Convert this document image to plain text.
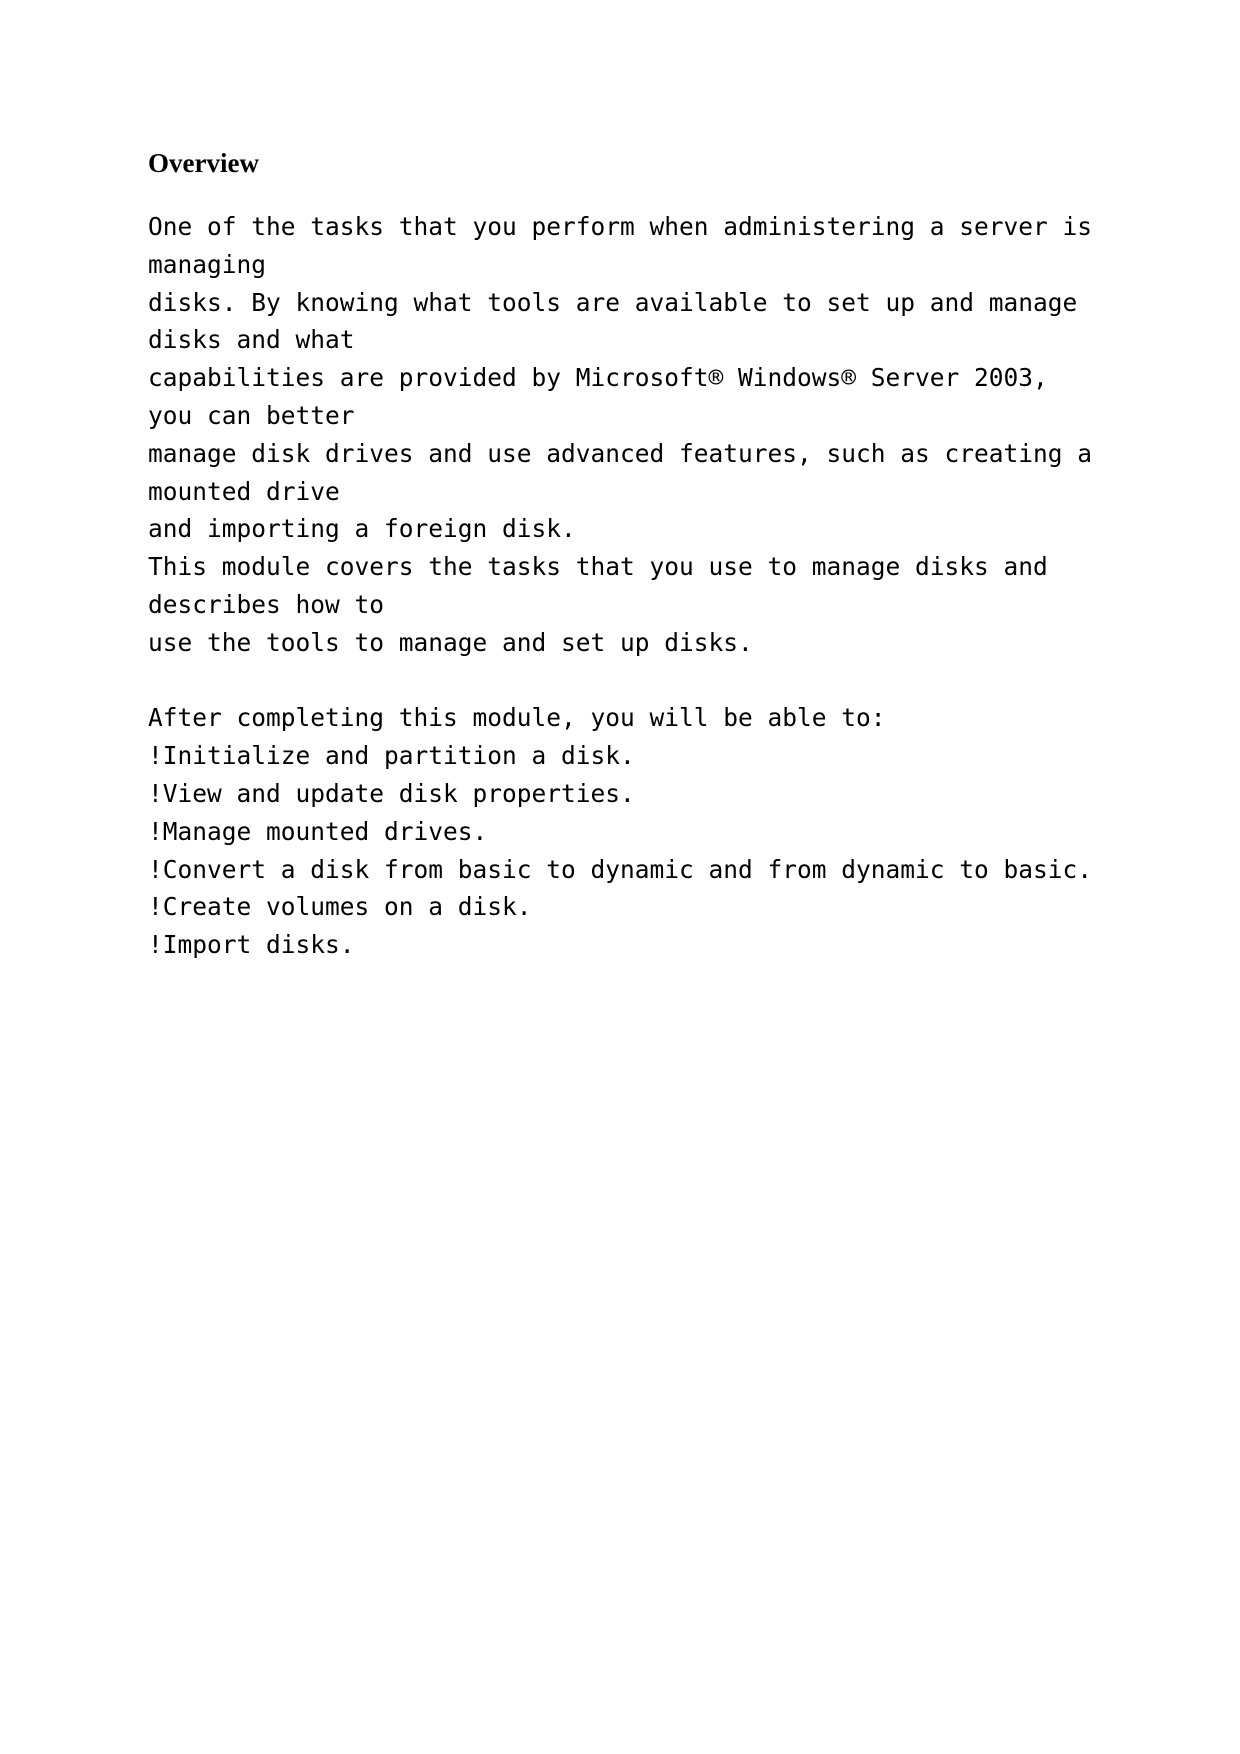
Overview
One of the tasks that you perform when administering a server is
managing
disks. By knowing what tools are available to set up and manage
disks and what
capabilities are provided by Microsoft® Windows® Server 2003,
you can better
manage disk drives and use advanced features, such as creating a
mounted drive
and importing a foreign disk.
This module covers the tasks that you use to manage disks and
describes how to
use the tools to manage and set up disks.
After completing this module, you will be able to:
!Initialize and partition a disk.
!View and update disk properties.
!Manage mounted drives.
!Convert a disk from basic to dynamic and from dynamic to basic.
!Create volumes on a disk.
!Import disks.
